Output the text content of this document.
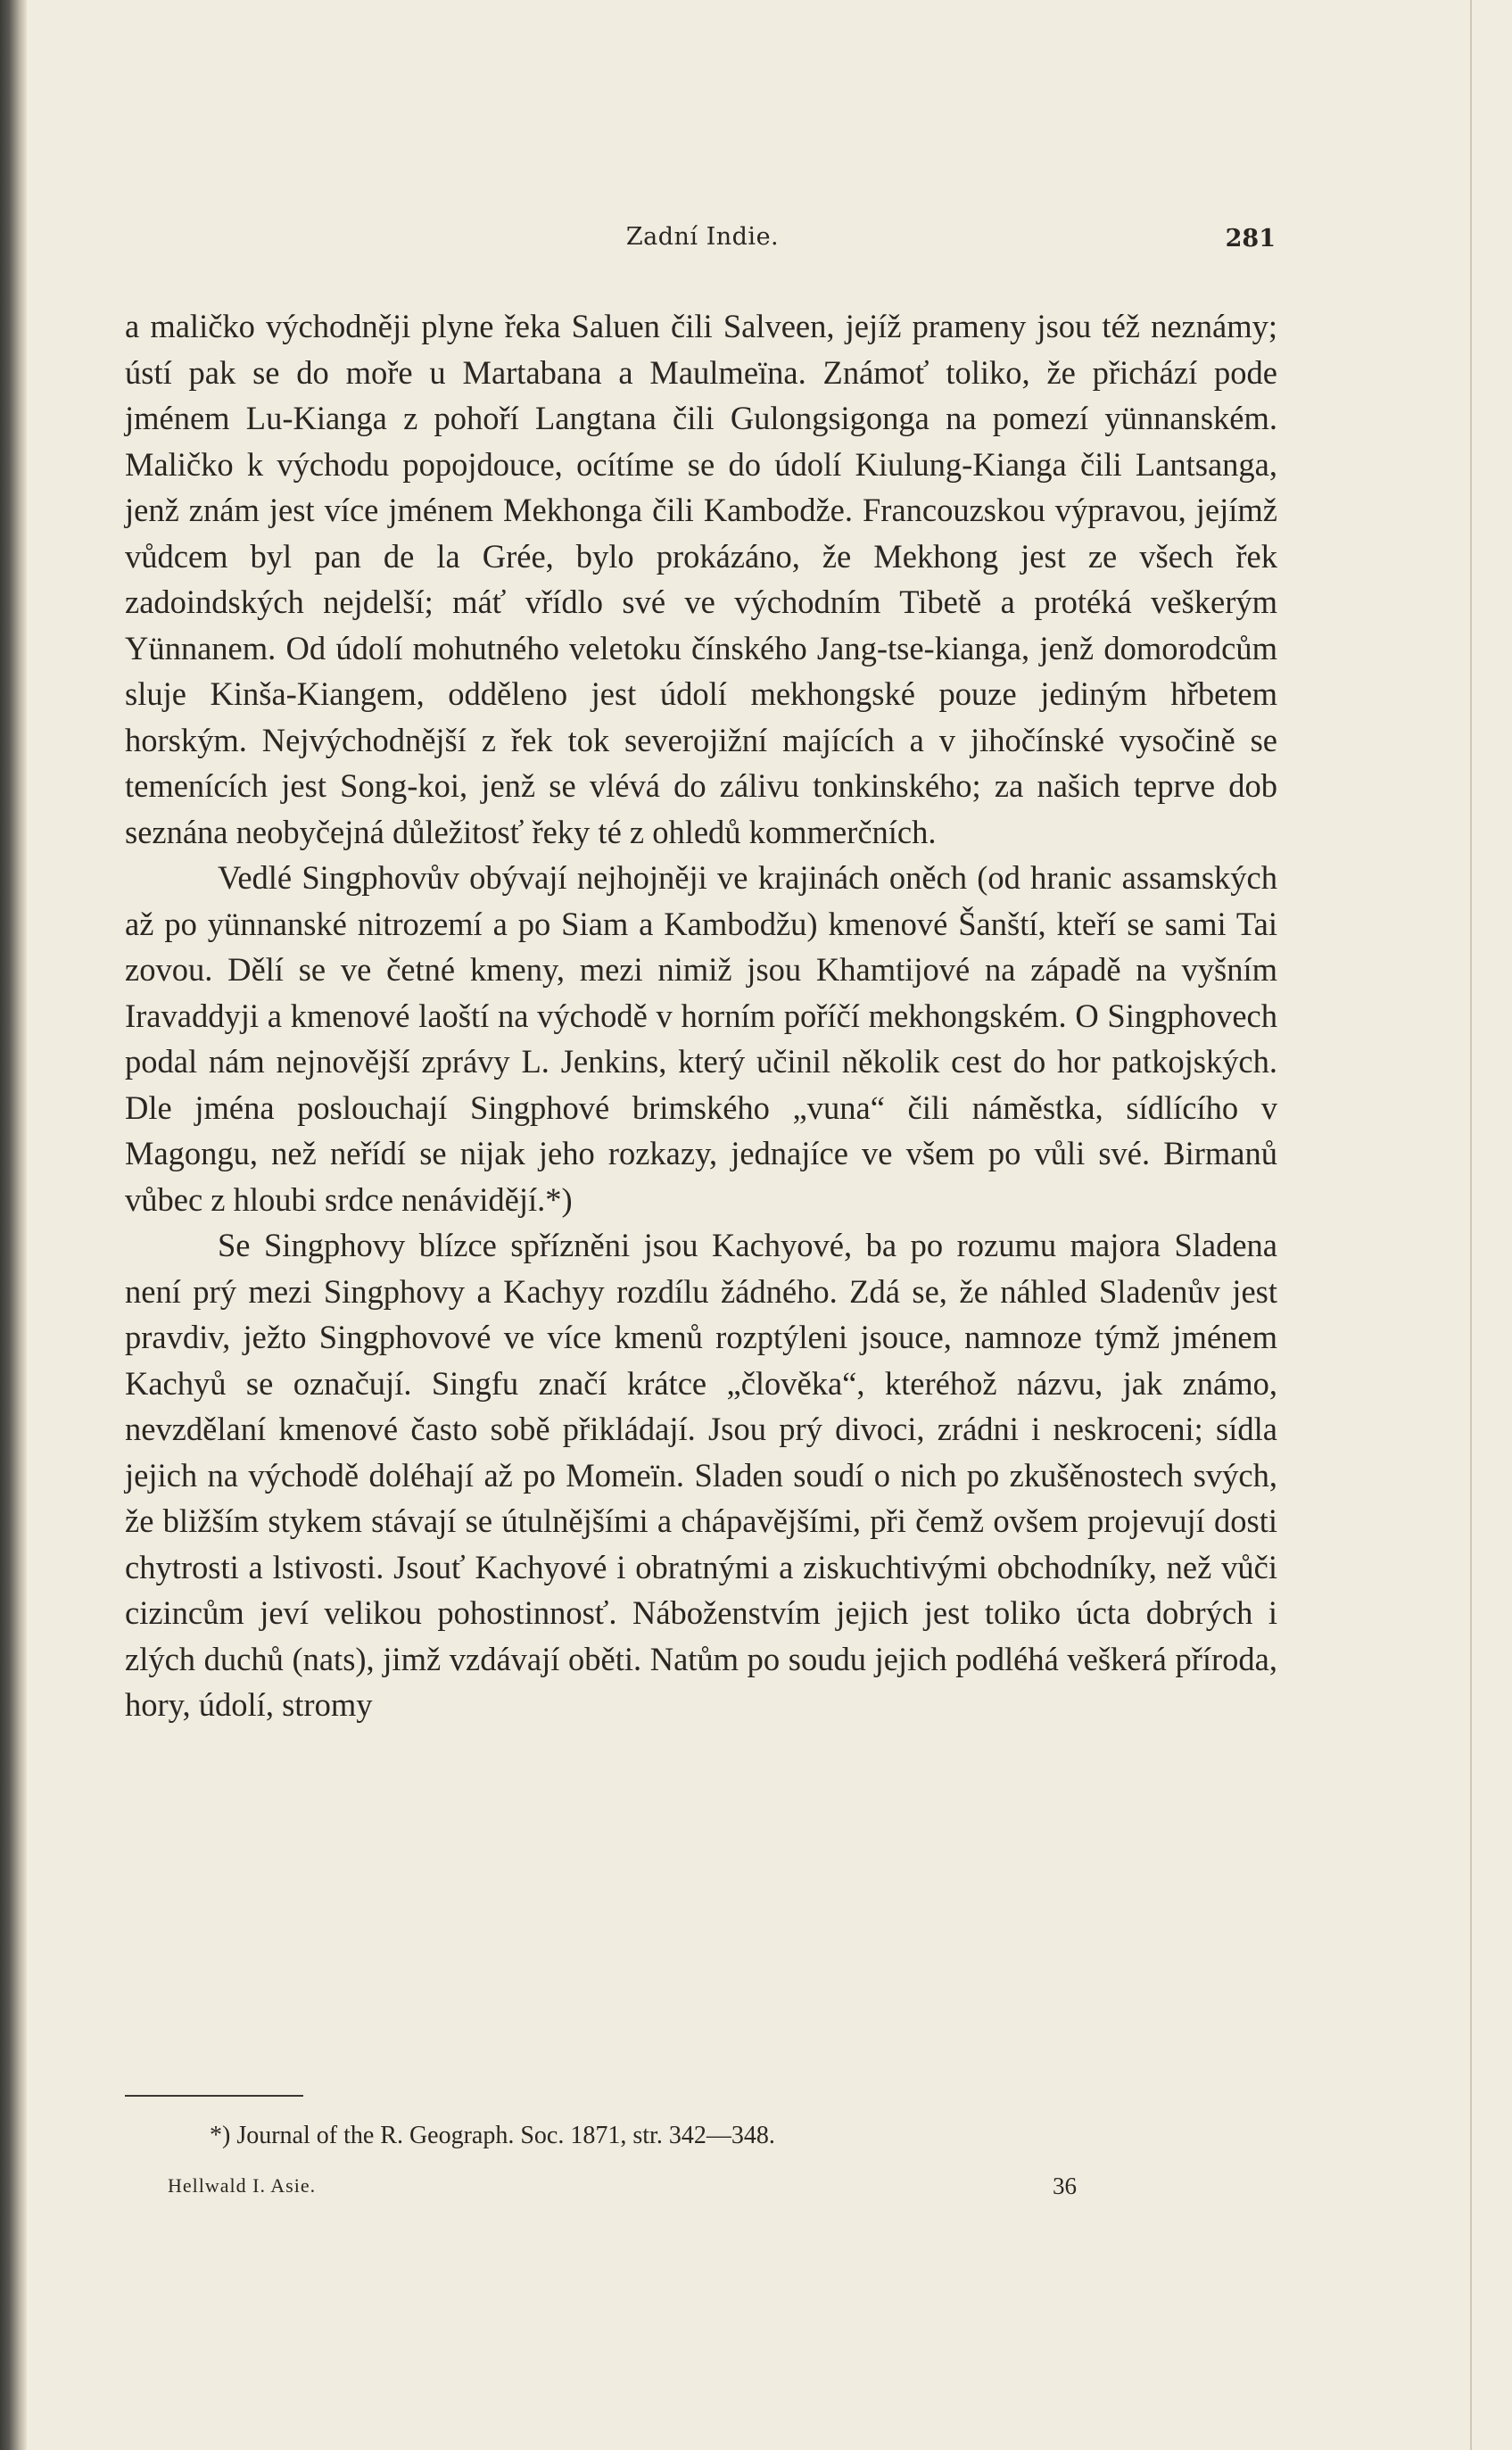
Zadní Indie.	281

a maličko východněji plyne řeka Saluen čili Salveen, jejíž prameny jsou též neznámy; ústí pak se do moře u Martabana a Maulmeïna. Známoť toliko, že přichází pode jménem Lu-Kianga z pohoří Langtana čili Gulongsigonga na pomezí yünnanském. Maličko k východu popojdouce, ocítíme se do údolí Kiulung-Kianga čili Lantsanga, jenž znám jest více jménem Mekhonga čili Kambodže. Francouzskou výpravou, jejímž vůdcem byl pan de la Grée, bylo prokázáno, že Mekhong jest ze všech řek zadoindských nejdelší; máť vřídlo své ve východním Tibetě a protéká veškerým Yünnanem. Od údolí mohutného veletoku čínského Jang-tse-kianga, jenž domorodcům sluje Kinša-Kiangem, odděleno jest údolí mekhongské pouze jediným hřbetem horským. Nejvýchodnější z řek tok severojižní majících a v jihočínské vysočině se temenících jest Song-koi, jenž se vlévá do zálivu tonkinského; za našich teprve dob seznána neobyčejná důležitosť řeky té z ohledů kommerčních.

Vedlé Singphovův obývají nejhojněji ve krajinách oněch (od hranic assamských až po yünnanské nitrozemí a po Siam a Kambodžu) kmenové Šanští, kteří se sami Tai zovou. Dělí se ve četné kmeny, mezi nimiž jsou Khamtijové na západě na vyšním Iravaddyji a kmenové laoští na východě v horním poříčí mekhongském. O Singphovech podal nám nejnovější zprávy L. Jenkins, který učinil několik cest do hor patkojských. Dle jména poslouchají Singphové brimského „vuna“ čili náměstka, sídlícího v Magongu, než neřídí se nijak jeho rozkazy, jednajíce ve všem po vůli své. Birmanů vůbec z hloubi srdce nenávidějí.*)

Se Singphovy blízce spřízněni jsou Kachyové, ba po rozumu majora Sladena není prý mezi Singphovy a Kachyy rozdílu žádného. Zdá se, že náhled Sladenův jest pravdiv, ježto Singphovové ve více kmenů rozptýleni jsouce, namnoze týmž jménem Kachyů se označují. Singfu značí krátce „člověka“, kteréhož názvu, jak známo, nevzdělaní kmenové často sobě přikládají. Jsou prý divoci, zrádni i neskroceni; sídla jejich na východě doléhají až po Momeïn. Sladen soudí o nich po zkušěnostech svých, že bližším stykem stávají se útulnějšími a chápavějšími, při čemž ovšem projevují dosti chytrosti a lstivosti. Jsouť Kachyové i obratnými a ziskuchtivými obchodníky, než vůči cizincům jeví velikou pohostinnosť. Náboženstvím jejich jest toliko úcta dobrých i zlých duchů (nats), jimž vzdávají oběti. Natům po soudu jejich podléhá veškerá příroda, hory, údolí, stromy

*) Journal of the R. Geograph. Soc. 1871, str. 342—348.
Hellwald I. Asie.	36
